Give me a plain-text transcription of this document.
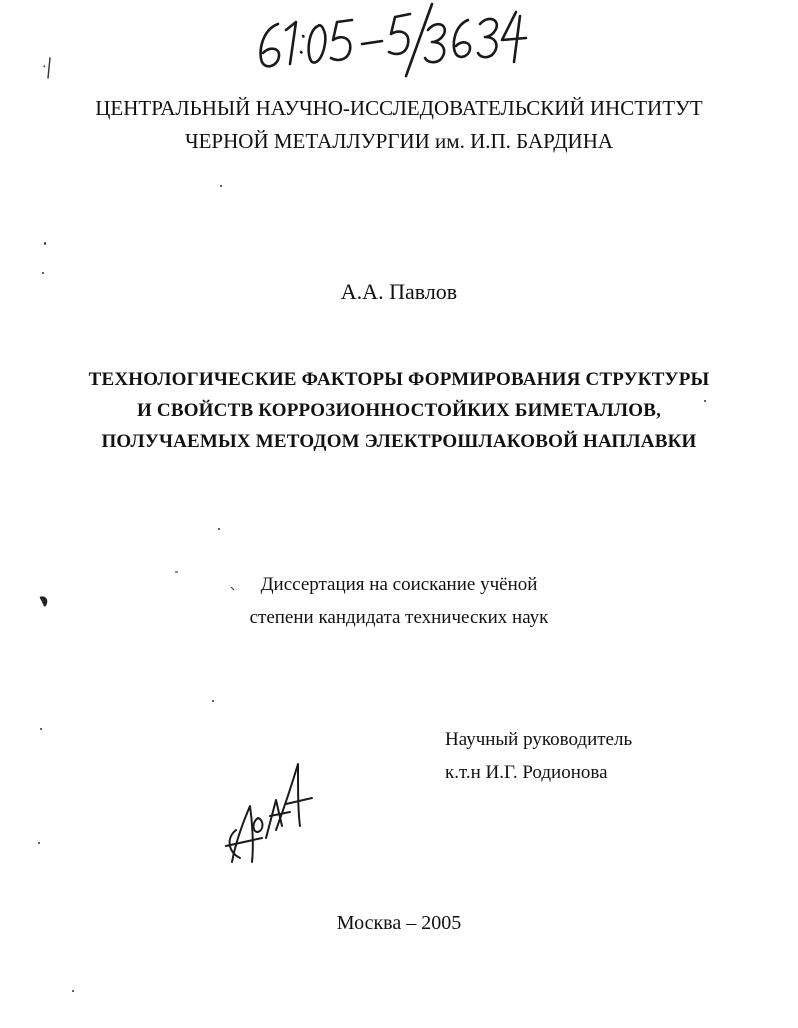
ЦЕНТРАЛЬНЫЙ НАУЧНО-ИССЛЕДОВАТЕЛЬСКИЙ ИНСТИТУТ

ЧЕРНОЙ МЕТАЛЛУРГИИ им. И.П. БАРДИНА

А.А. Павлов

ТЕХНОЛОГИЧЕСКИЕ ФАКТОРЫ ФОРМИРОВАНИЯ СТРУКТУРЫ

И СВОЙСТВ КОРРОЗИОННОСТОЙКИХ БИМЕТАЛЛОВ,

ПОЛУЧАЕМЫХ МЕТОДОМ ЭЛЕКТРОШЛАКОВОЙ НАПЛАВКИ

Диссертация на соискание учёной

степени кандидата технических наук

Научный руководитель

к.т.н И.Г. Родионова

Москва – 2005
